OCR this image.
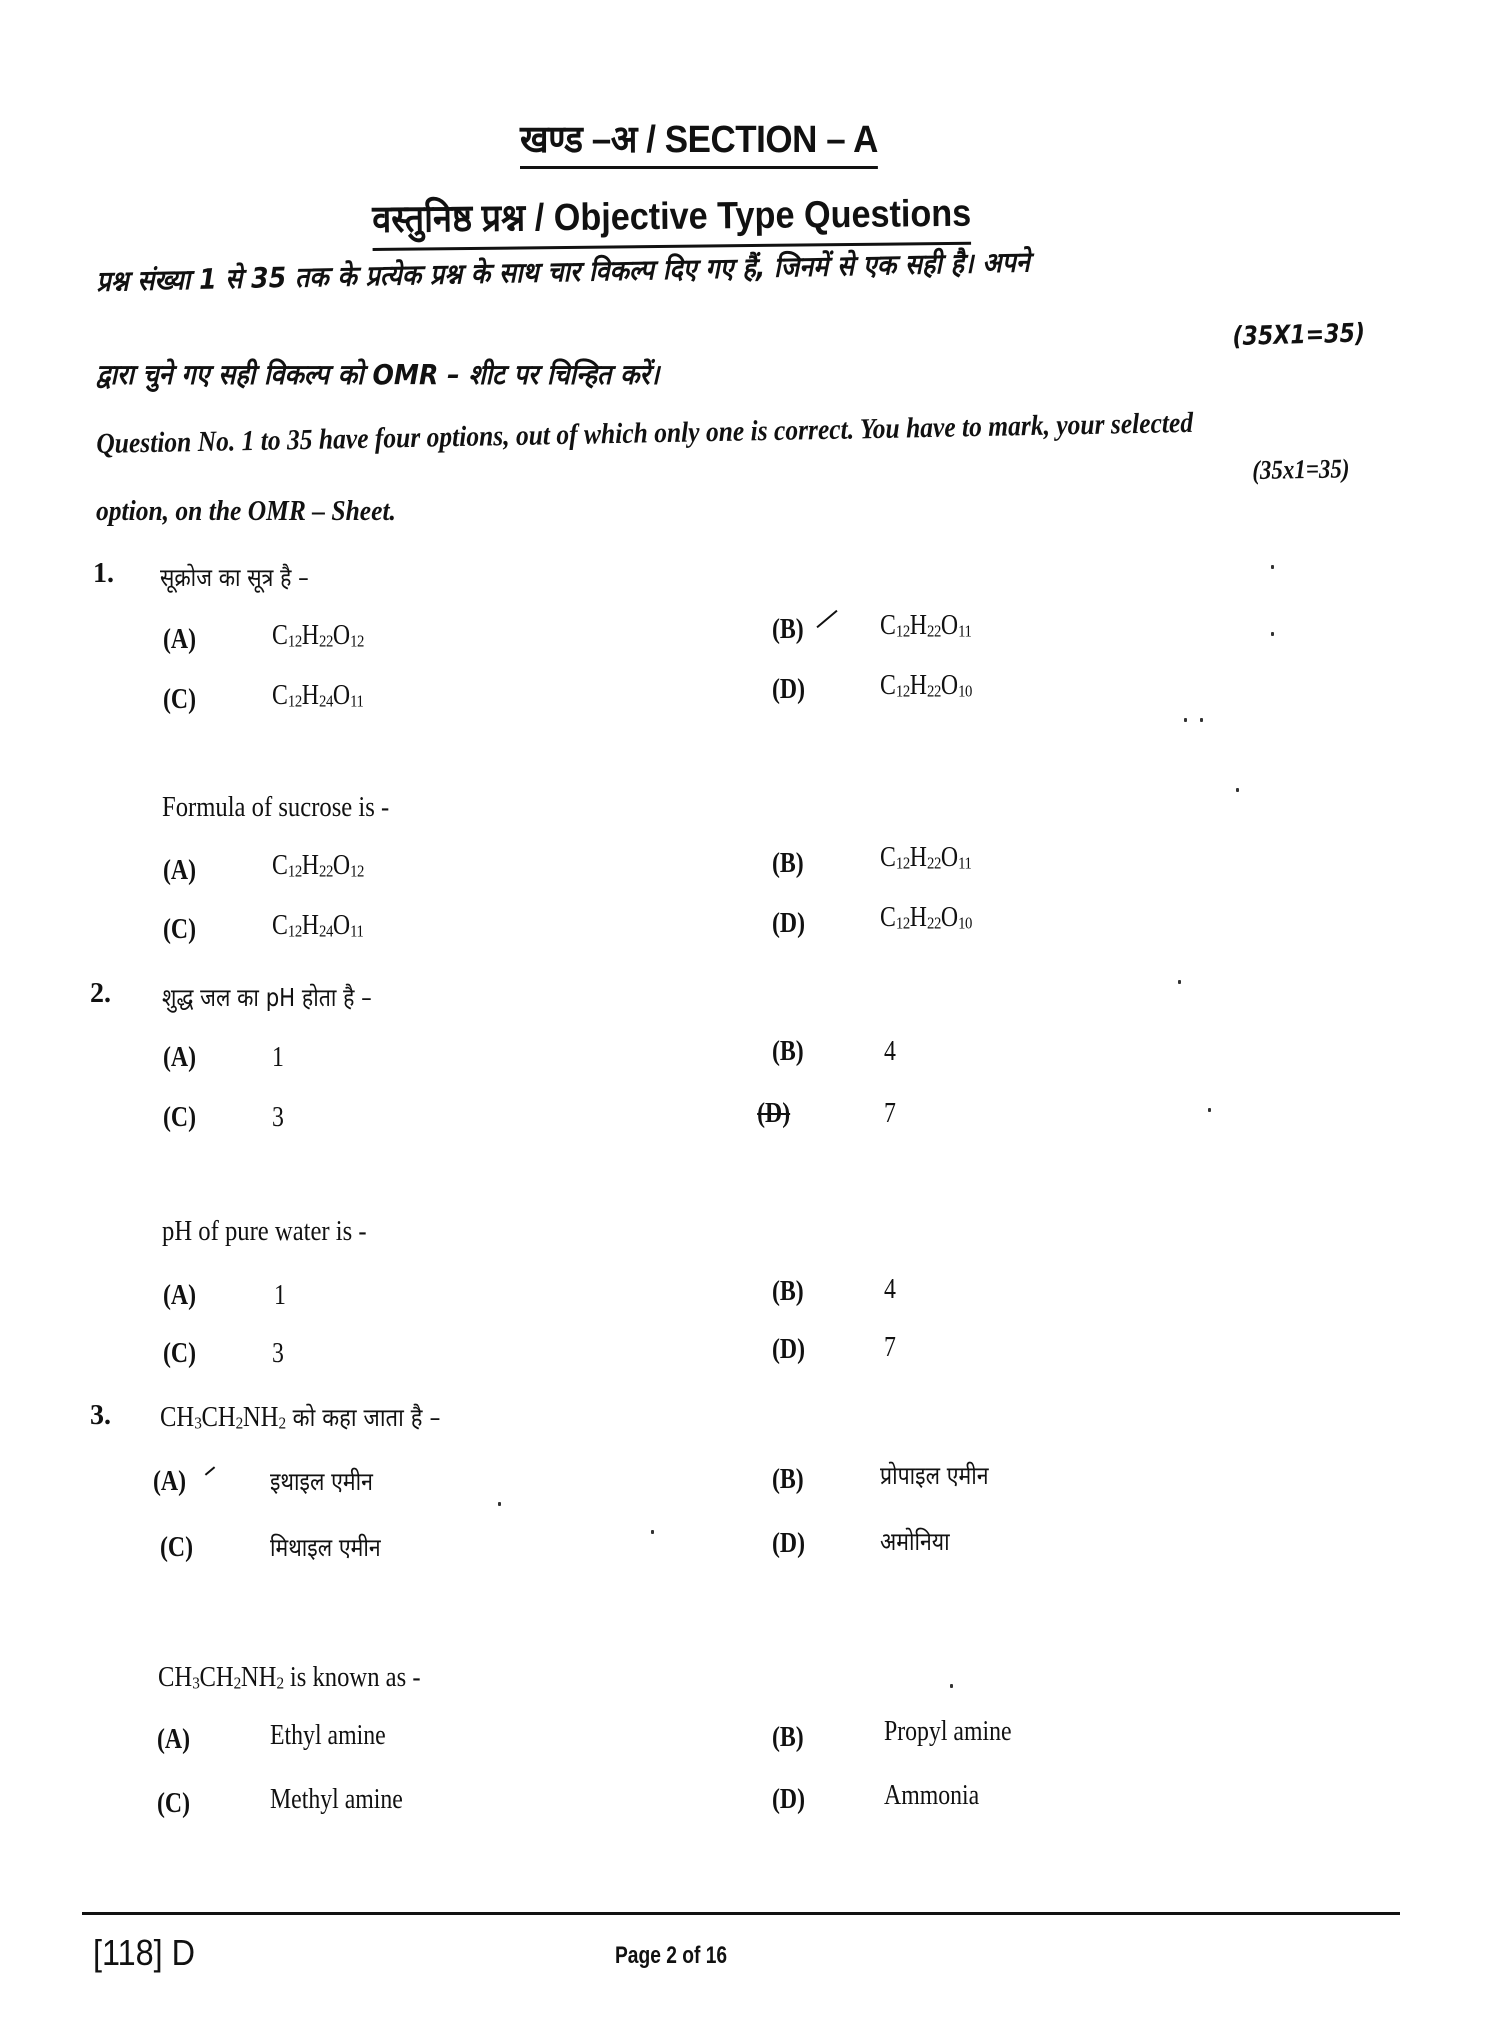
खण्ड –अ / SECTION – A
वस्तुनिष्ठ प्रश्न / Objective Type Questions
प्रश्न संख्या 1 से 35 तक के प्रत्येक प्रश्न के साथ चार विकल्प दिए गए हैं, जिनमें से एक सही है। अपने
(35X1=35)
द्वारा चुने गए सही विकल्प को OMR – शीट पर चिन्हित करें।
Question No. 1 to 35 have four options, out of which only one is correct. You have to mark, your selected
(35x1=35)
option, on the OMR – Sheet.
1. सूक्रोज का सूत्र है –
(A)	$C_{12}H_{22}O_{12}$	(B)	$C_{12}H_{22}O_{11}$
(C)	$C_{12}H_{24}O_{11}$	(D)	$C_{12}H_{22}O_{10}$
Formula of sucrose is -
(A)	$C_{12}H_{22}O_{12}$	(B)	$C_{12}H_{22}O_{11}$
(C)	$C_{12}H_{24}O_{11}$	(D)	$C_{12}H_{22}O_{10}$
2. शुद्ध जल का pH होता है –
(A)	1	(B)	4
(C)	3	(D)	7
pH of pure water is -
(A)	1	(B)	4
(C)	3	(D)	7
3. $CH_3CH_2NH_2$ को कहा जाता है –
(A)	इथाइल एमीन	(B)	प्रोपाइल एमीन
(C)	मिथाइल एमीन	(D)	अमोनिया
$CH_3CH_2NH_2$ is known as -
(A)	Ethyl amine	(B)	Propyl amine
(C)	Methyl amine	(D)	Ammonia
[118] D	Page 2 of 16
